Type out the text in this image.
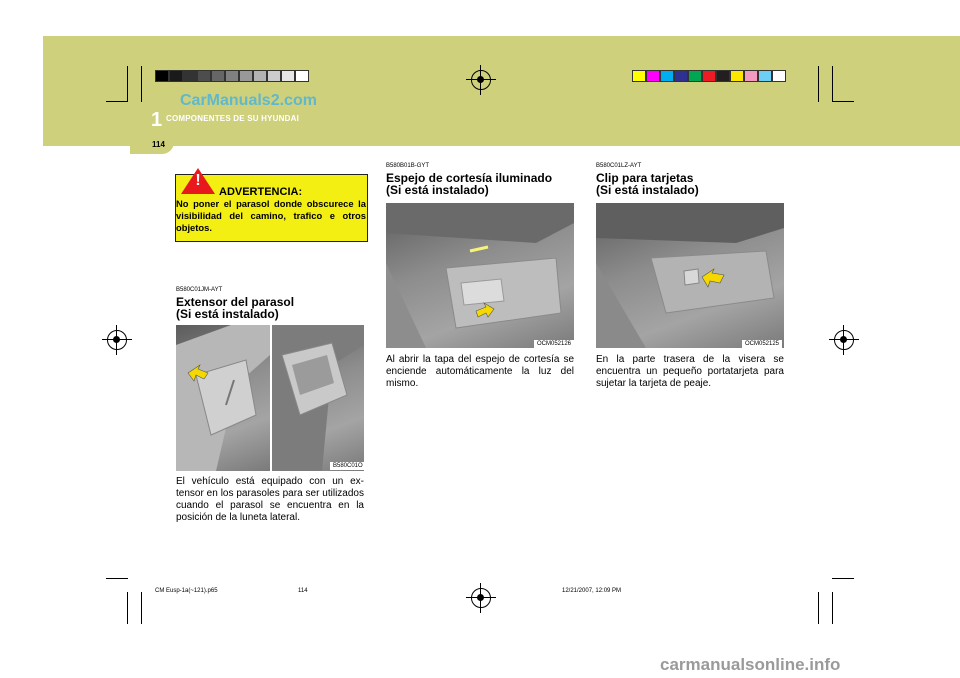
1 COMPONENTES DE SU HYUNDAI
CarManuals2.com
114
!
ADVERTENCIA:
No poner el parasol donde obscurece la visibilidad del camino, trafico e otros objetos.
B580C01JM-AYT
Extensor del parasol
(Si está instalado)
B580C01O
El vehículo está equipado con un ex- tensor en los parasoles para ser utilizados cuando el parasol se encuentra en la posición de la luneta lateral.
B580B01B-GYT
Espejo de cortesía iluminado
(Si está instalado)
OCM052126
Al abrir la tapa del espejo de cortesía se enciende automáticamente la luz del mismo.
B580C01LZ-AYT
Clip para tarjetas
(Si está instalado)
OCM052125
En la parte trasera de la visera se encuentra un pequeño portatarjeta para sujetar la tarjeta de peaje.
CM Eusp-1a(~121).p65	114	12/21/2007, 12:09 PM
carmanualsonline.info
